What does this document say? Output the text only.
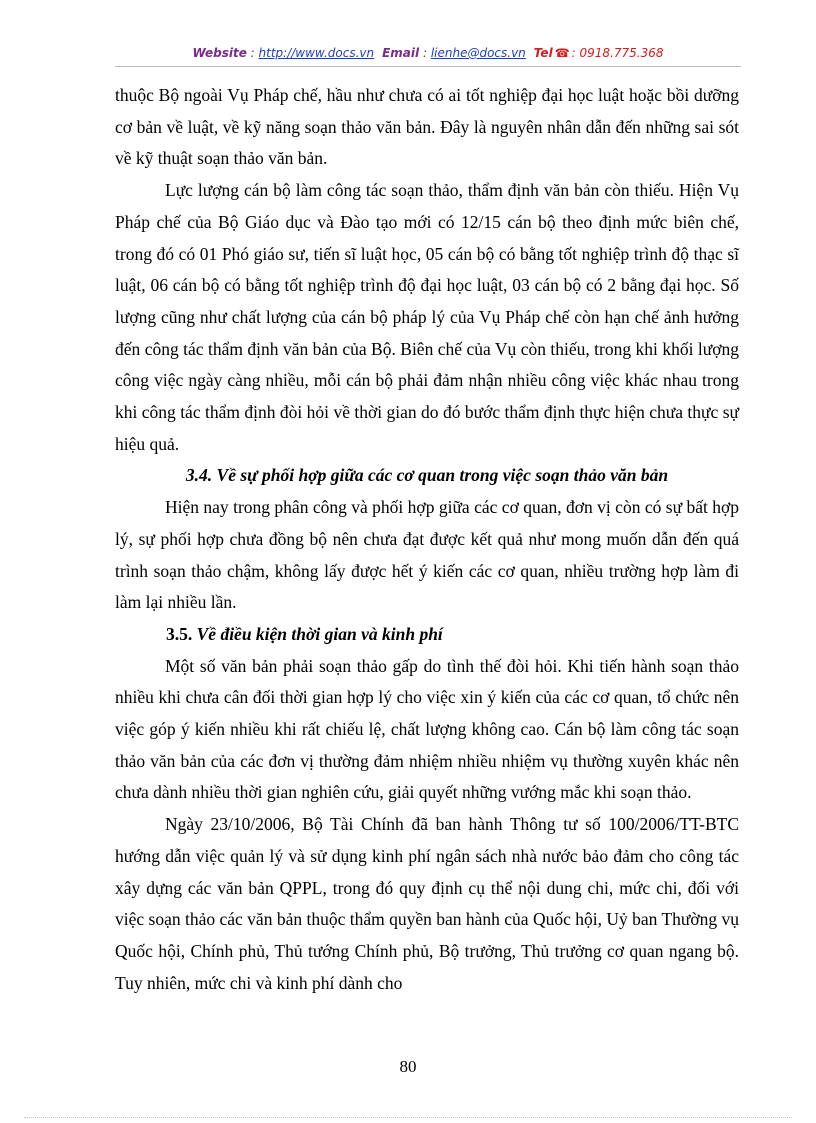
Website : http://www.docs.vn Email : lienhe@docs.vn Tel ☎ : 0918.775.368

thuộc Bộ ngoài Vụ Pháp chế, hầu như chưa có ai tốt nghiệp đại học luật hoặc bồi dưỡng cơ bản về luật, về kỹ năng soạn thảo văn bản. Đây là nguyên nhân dẫn đến những sai sót về kỹ thuật soạn thảo văn bản.

Lực lượng cán bộ làm công tác soạn thảo, thẩm định văn bản còn thiếu. Hiện Vụ Pháp chế của Bộ Giáo dục và Đào tạo mới có 12/15 cán bộ theo định mức biên chế, trong đó có 01 Phó giáo sư, tiến sĩ luật học, 05 cán bộ có bằng tốt nghiệp trình độ thạc sĩ luật, 06 cán bộ có bằng tốt nghiệp trình độ đại học luật, 03 cán bộ có 2 bằng đại học. Số lượng cũng như chất lượng của cán bộ pháp lý của Vụ Pháp chế còn hạn chế ảnh hưởng đến công tác thẩm định văn bản của Bộ. Biên chế của Vụ còn thiếu, trong khi khối lượng công việc ngày càng nhiều, mỗi cán bộ phải đảm nhận nhiều công việc khác nhau trong khi công tác thẩm định đòi hỏi về thời gian do đó bước thẩm định thực hiện chưa thực sự hiệu quả.

3.4. Về sự phối hợp giữa các cơ quan trong việc soạn thảo văn bản

Hiện nay trong phân công và phối hợp giữa các cơ quan, đơn vị còn có sự bất hợp lý, sự phối hợp chưa đồng bộ nên chưa đạt được kết quả như mong muốn dẫn đến quá trình soạn thảo chậm, không lấy được hết ý kiến các cơ quan, nhiều trường hợp làm đi làm lại nhiều lần.

3.5. Về điều kiện thời gian và kinh phí

Một số văn bản phải soạn thảo gấp do tình thế đòi hỏi. Khi tiến hành soạn thảo nhiều khi chưa cân đối thời gian hợp lý cho việc xin ý kiến của các cơ quan, tổ chức nên việc góp ý kiến nhiều khi rất chiếu lệ, chất lượng không cao. Cán bộ làm công tác soạn thảo văn bản của các đơn vị thường đảm nhiệm nhiều nhiệm vụ thường xuyên khác nên chưa dành nhiều thời gian nghiên cứu, giải quyết những vướng mắc khi soạn thảo.

Ngày 23/10/2006, Bộ Tài Chính đã ban hành Thông tư số 100/2006/TT-BTC hướng dẫn việc quản lý và sử dụng kinh phí ngân sách nhà nước bảo đảm cho công tác xây dựng các văn bản QPPL, trong đó quy định cụ thể nội dung chi, mức chi, đối với việc soạn thảo các văn bản thuộc thẩm quyền ban hành của Quốc hội, Uỷ ban Thường vụ Quốc hội, Chính phủ, Thủ tướng Chính phủ, Bộ trưởng, Thủ trưởng cơ quan ngang bộ. Tuy nhiên, mức chi và kinh phí dành cho

80
